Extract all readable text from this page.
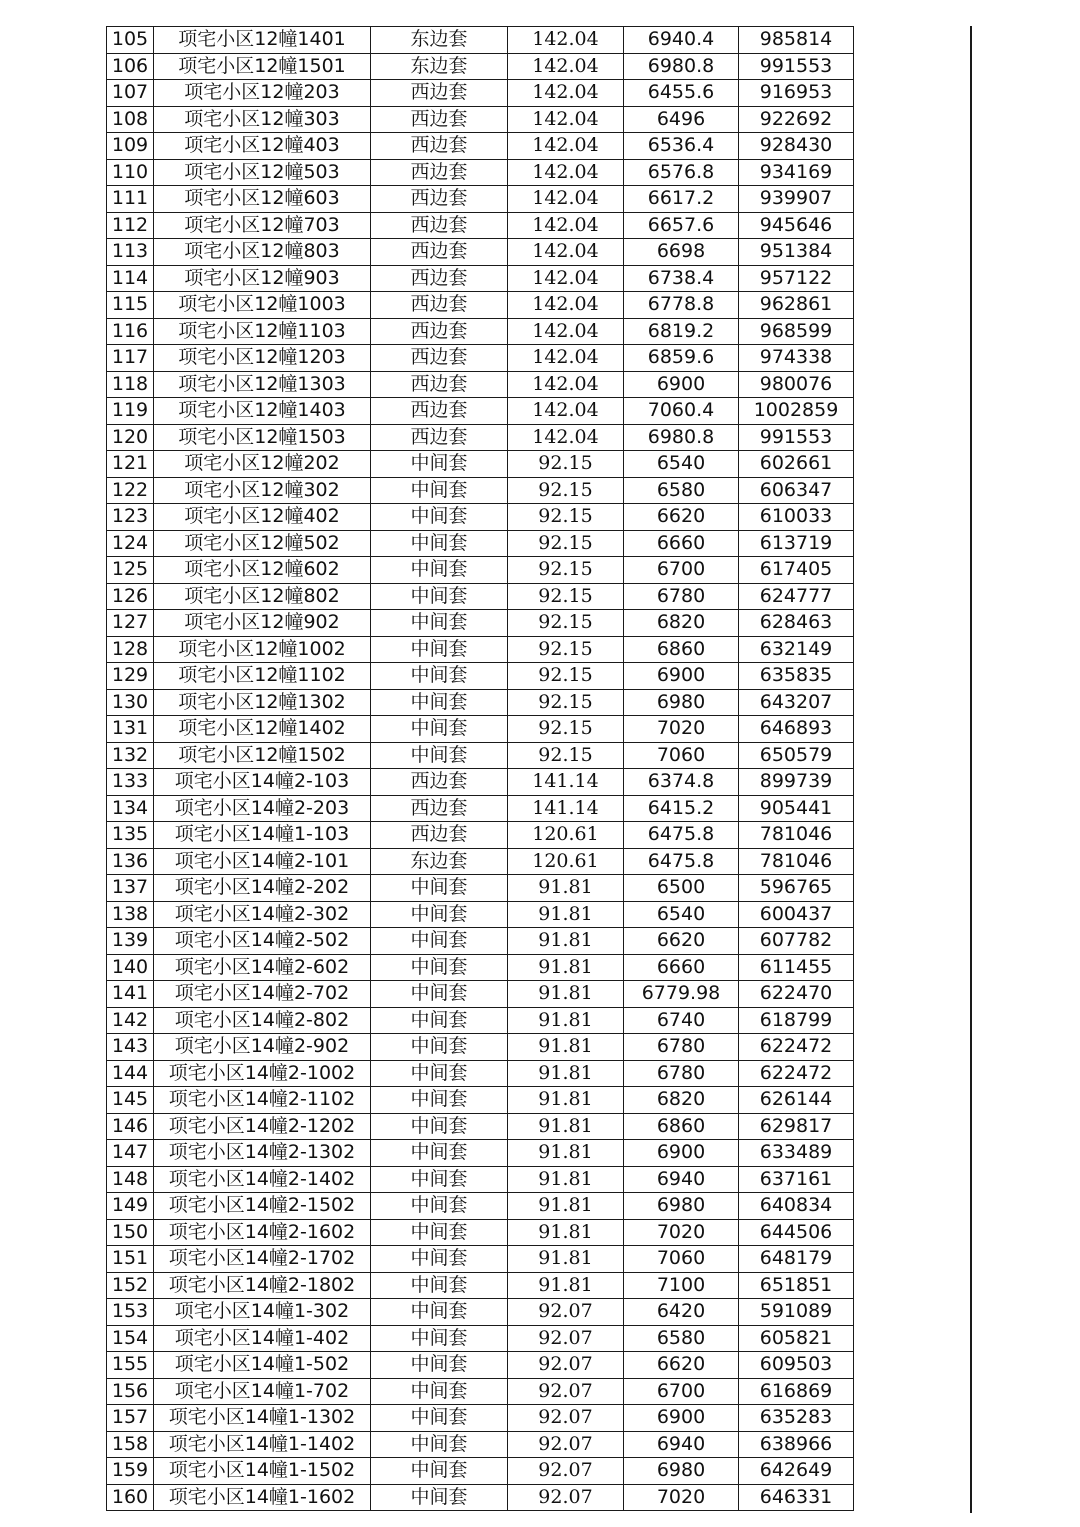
105	项宅小区12幢1401	东边套	142.04	6940.4	985814
106	项宅小区12幢1501	东边套	142.04	6980.8	991553
107	项宅小区12幢203	西边套	142.04	6455.6	916953
108	项宅小区12幢303	西边套	142.04	6496	922692
109	项宅小区12幢403	西边套	142.04	6536.4	928430
110	项宅小区12幢503	西边套	142.04	6576.8	934169
111	项宅小区12幢603	西边套	142.04	6617.2	939907
112	项宅小区12幢703	西边套	142.04	6657.6	945646
113	项宅小区12幢803	西边套	142.04	6698	951384
114	项宅小区12幢903	西边套	142.04	6738.4	957122
115	项宅小区12幢1003	西边套	142.04	6778.8	962861
116	项宅小区12幢1103	西边套	142.04	6819.2	968599
117	项宅小区12幢1203	西边套	142.04	6859.6	974338
118	项宅小区12幢1303	西边套	142.04	6900	980076
119	项宅小区12幢1403	西边套	142.04	7060.4	1002859
120	项宅小区12幢1503	西边套	142.04	6980.8	991553
121	项宅小区12幢202	中间套	92.15	6540	602661
122	项宅小区12幢302	中间套	92.15	6580	606347
123	项宅小区12幢402	中间套	92.15	6620	610033
124	项宅小区12幢502	中间套	92.15	6660	613719
125	项宅小区12幢602	中间套	92.15	6700	617405
126	项宅小区12幢802	中间套	92.15	6780	624777
127	项宅小区12幢902	中间套	92.15	6820	628463
128	项宅小区12幢1002	中间套	92.15	6860	632149
129	项宅小区12幢1102	中间套	92.15	6900	635835
130	项宅小区12幢1302	中间套	92.15	6980	643207
131	项宅小区12幢1402	中间套	92.15	7020	646893
132	项宅小区12幢1502	中间套	92.15	7060	650579
133	项宅小区14幢2-103	西边套	141.14	6374.8	899739
134	项宅小区14幢2-203	西边套	141.14	6415.2	905441
135	项宅小区14幢1-103	西边套	120.61	6475.8	781046
136	项宅小区14幢2-101	东边套	120.61	6475.8	781046
137	项宅小区14幢2-202	中间套	91.81	6500	596765
138	项宅小区14幢2-302	中间套	91.81	6540	600437
139	项宅小区14幢2-502	中间套	91.81	6620	607782
140	项宅小区14幢2-602	中间套	91.81	6660	611455
141	项宅小区14幢2-702	中间套	91.81	6779.98	622470
142	项宅小区14幢2-802	中间套	91.81	6740	618799
143	项宅小区14幢2-902	中间套	91.81	6780	622472
144	项宅小区14幢2-1002	中间套	91.81	6780	622472
145	项宅小区14幢2-1102	中间套	91.81	6820	626144
146	项宅小区14幢2-1202	中间套	91.81	6860	629817
147	项宅小区14幢2-1302	中间套	91.81	6900	633489
148	项宅小区14幢2-1402	中间套	91.81	6940	637161
149	项宅小区14幢2-1502	中间套	91.81	6980	640834
150	项宅小区14幢2-1602	中间套	91.81	7020	644506
151	项宅小区14幢2-1702	中间套	91.81	7060	648179
152	项宅小区14幢2-1802	中间套	91.81	7100	651851
153	项宅小区14幢1-302	中间套	92.07	6420	591089
154	项宅小区14幢1-402	中间套	92.07	6580	605821
155	项宅小区14幢1-502	中间套	92.07	6620	609503
156	项宅小区14幢1-702	中间套	92.07	6700	616869
157	项宅小区14幢1-1302	中间套	92.07	6900	635283
158	项宅小区14幢1-1402	中间套	92.07	6940	638966
159	项宅小区14幢1-1502	中间套	92.07	6980	642649
160	项宅小区14幢1-1602	中间套	92.07	7020	646331
